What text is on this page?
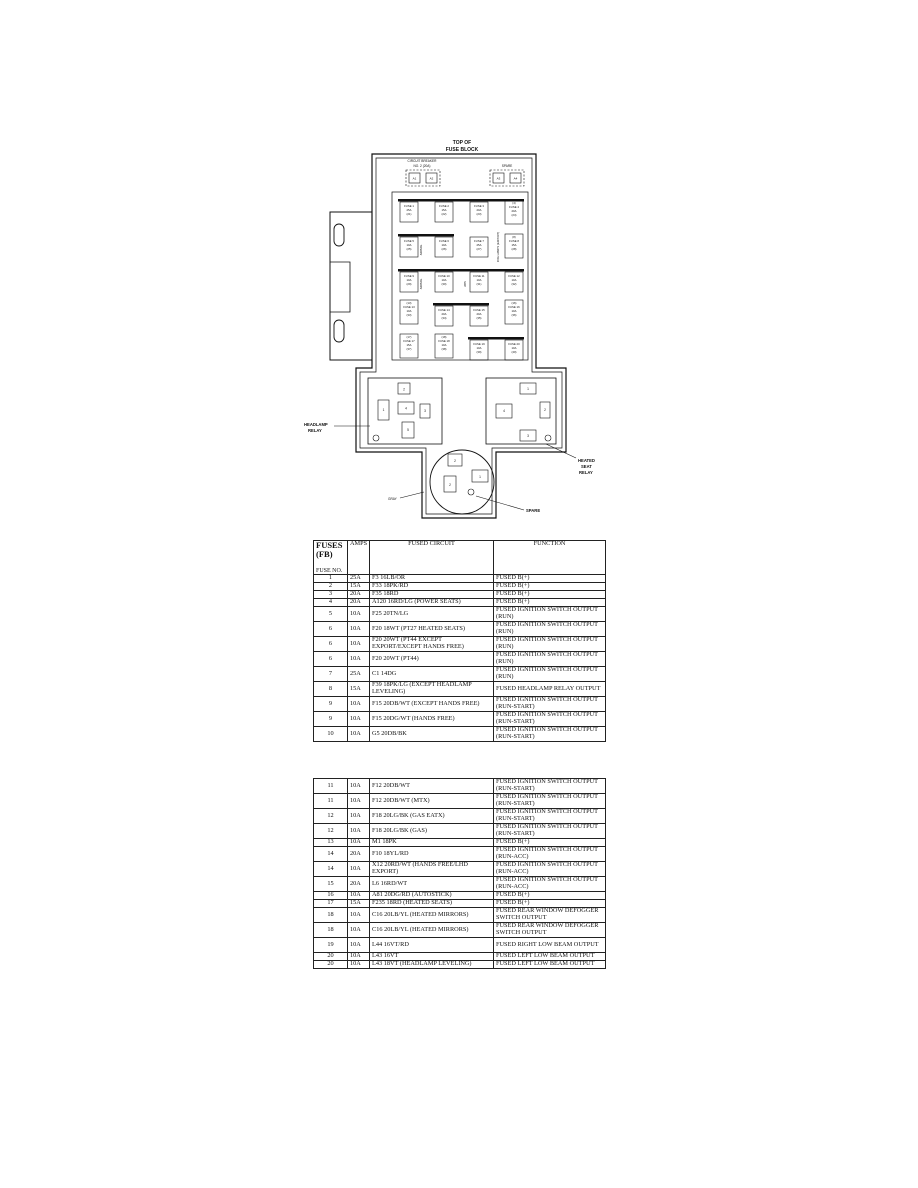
TOP OF
FUSE BLOCK
CIRCUIT BREAKER
NO. 2 (20A)
A1	A2
SPARE
A3	A4
FUSE 1
25A
(21)
FUSE 2
15A
(22)
FUSE 3
20A
(23)
(4)
FUSE 4
20A
(24)
FUSE 5
10A
(25)
FUSE 6
10A
(26)
FUSE 7
25A
(27)
(8)
FUSE 8
15A
(28)
FUSE 9
10A
(29)
FUSE 10
10A
(30)
FUSE 11
10A
(31)
FUSE 12
10A
(32)
(13)
FUSE 13
10A
(33)
FUSE 14
20A
(34)
FUSE 15
20A
(35)
(16)
FUSE 16
10A
(36)
(17)
FUSE 17
15A
(37)
(18)
FUSE 18
10A
(38)
FUSE 19
10A
(39)
FUSE 20
10A
(40)
AIRBAG
AIRBAG	ABS
FOG LAMPS (EXPORT)
2
1	4
3
5
1
4	2
3
2
1
2
HEADLAMP
RELAY
HEATED
SEAT
RELAY
GRAY
SPARE
FUSES
(FB)
FUSE NO.	AMPS	FUSED CIRCUIT	FUNCTION
1	25A	F3 16LB/OR	FUSED B(+)
2	15A	F33 18PK/RD	FUSED B(+)
3	20A	F35 18RD	FUSED B(+)
4	20A	A120 16RD/LG (POWER SEATS)	FUSED B(+)
5	10A	F25 20TN/LG	FUSED IGNITION SWITCH OUTPUT (RUN)
6	10A	F20 18WT (PT27 HEATED SEATS)	FUSED IGNITION SWITCH OUTPUT (RUN)
6	10A	F20 20WT (PT44 EXCEPT EXPORT/EXCEPT HANDS FREE)	FUSED IGNITION SWITCH OUTPUT (RUN)
6	10A	F20 20WT (PT44)	FUSED IGNITION SWITCH OUTPUT (RUN)
7	25A	C1 14DG	FUSED IGNITION SWITCH OUTPUT (RUN)
8	15A	F39 18PK/LG (EXCEPT HEADLAMP LEVELING)	FUSED HEADLAMP RELAY OUTPUT
9	10A	F15 20DB/WT (EXCEPT HANDS FREE)	FUSED IGNITION SWITCH OUTPUT (RUN-START)
9	10A	F15 20DG/WT (HANDS FREE)	FUSED IGNITION SWITCH OUTPUT (RUN-START)
10	10A	G5 20DB/BK	FUSED IGNITION SWITCH OUTPUT (RUN-START)
11	10A	F12 20DB/WT	FUSED IGNITION SWITCH OUTPUT (RUN-START)
11	10A	F12 20DB/WT (MTX)	FUSED IGNITION SWITCH OUTPUT (RUN-START)
12	10A	F18 20LG/BK (GAS EATX)	FUSED IGNITION SWITCH OUTPUT (RUN-START)
12	10A	F18 20LG/BK (GAS)	FUSED IGNITION SWITCH OUTPUT (RUN-START)
13	10A	M1 18PK	FUSED B(+)
14	20A	F10 18YL/RD	FUSED IGNITION SWITCH OUTPUT (RUN-ACC)
14	10A	X12 20RD/WT (HANDS FREE/LHD EXPORT)	FUSED IGNITION SWITCH OUTPUT (RUN-ACC)
15	20A	L6 16RD/WT	FUSED IGNITION SWITCH OUTPUT (RUN-ACC)
16	10A	A81 20DG/RD (AUTOSTICK)	FUSED B(+)
17	15A	F235 18RD (HEATED SEATS)	FUSED B(+)
18	10A	C16 20LB/YL (HEATED MIRRORS)	FUSED REAR WINDOW DEFOGGER SWITCH OUTPUT
18	10A	C16 20LB/YL (HEATED MIRRORS)	FUSED REAR WINDOW DEFOGGER SWITCH OUTPUT
19	10A	L44 16VT/RD	FUSED RIGHT LOW BEAM OUTPUT
20	10A	L43 16VT	FUSED LEFT LOW BEAM OUTPUT
20	10A	L43 18VT (HEADLAMP LEVELING)	FUSED LEFT LOW BEAM OUTPUT
